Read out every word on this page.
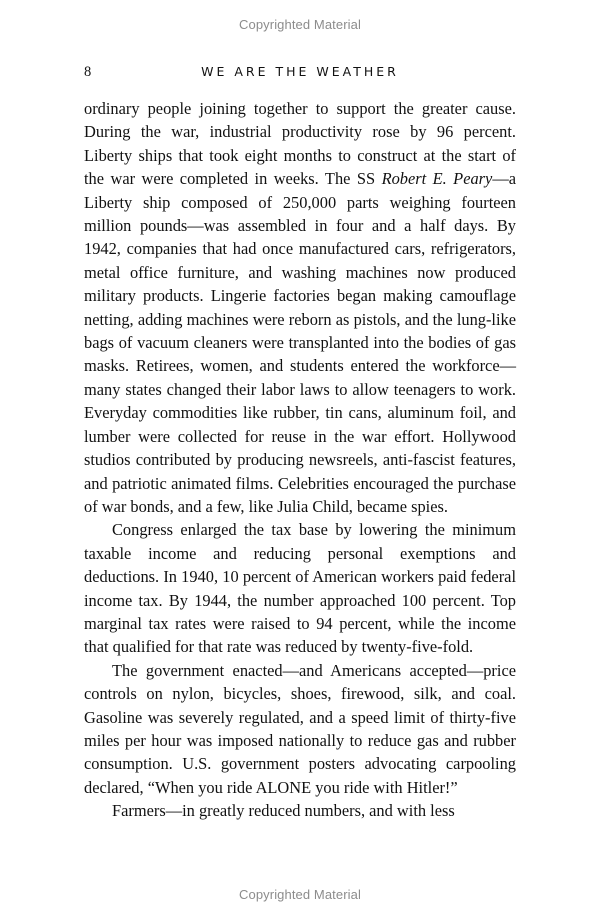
Copyrighted Material
8	WE ARE THE WEATHER

ordinary people joining together to support the greater cause. During the war, industrial productivity rose by 96 percent. Liberty ships that took eight months to construct at the start of the war were completed in weeks. The SS Robert E. Peary—a Liberty ship composed of 250,000 parts weighing fourteen million pounds—was assembled in four and a half days. By 1942, companies that had once manufactured cars, refrigerators, metal office furniture, and washing machines now produced military products. Lingerie factories began making camouflage netting, adding machines were reborn as pistols, and the lung-like bags of vacuum cleaners were transplanted into the bodies of gas masks. Retirees, women, and students entered the workforce—many states changed their labor laws to allow teenagers to work. Everyday commodities like rubber, tin cans, aluminum foil, and lumber were collected for reuse in the war effort. Hollywood studios contributed by producing newsreels, anti-fascist features, and patriotic animated films. Celebrities encouraged the purchase of war bonds, and a few, like Julia Child, became spies.

Congress enlarged the tax base by lowering the minimum taxable income and reducing personal exemptions and deductions. In 1940, 10 percent of American workers paid federal income tax. By 1944, the number approached 100 percent. Top marginal tax rates were raised to 94 percent, while the income that qualified for that rate was reduced by twenty-five-fold.

The government enacted—and Americans accepted—price controls on nylon, bicycles, shoes, firewood, silk, and coal. Gasoline was severely regulated, and a speed limit of thirty-five miles per hour was imposed nationally to reduce gas and rubber consumption. U.S. government posters advocating carpooling declared, “When you ride ALONE you ride with Hitler!”

Farmers—in greatly reduced numbers, and with less

Copyrighted Material
